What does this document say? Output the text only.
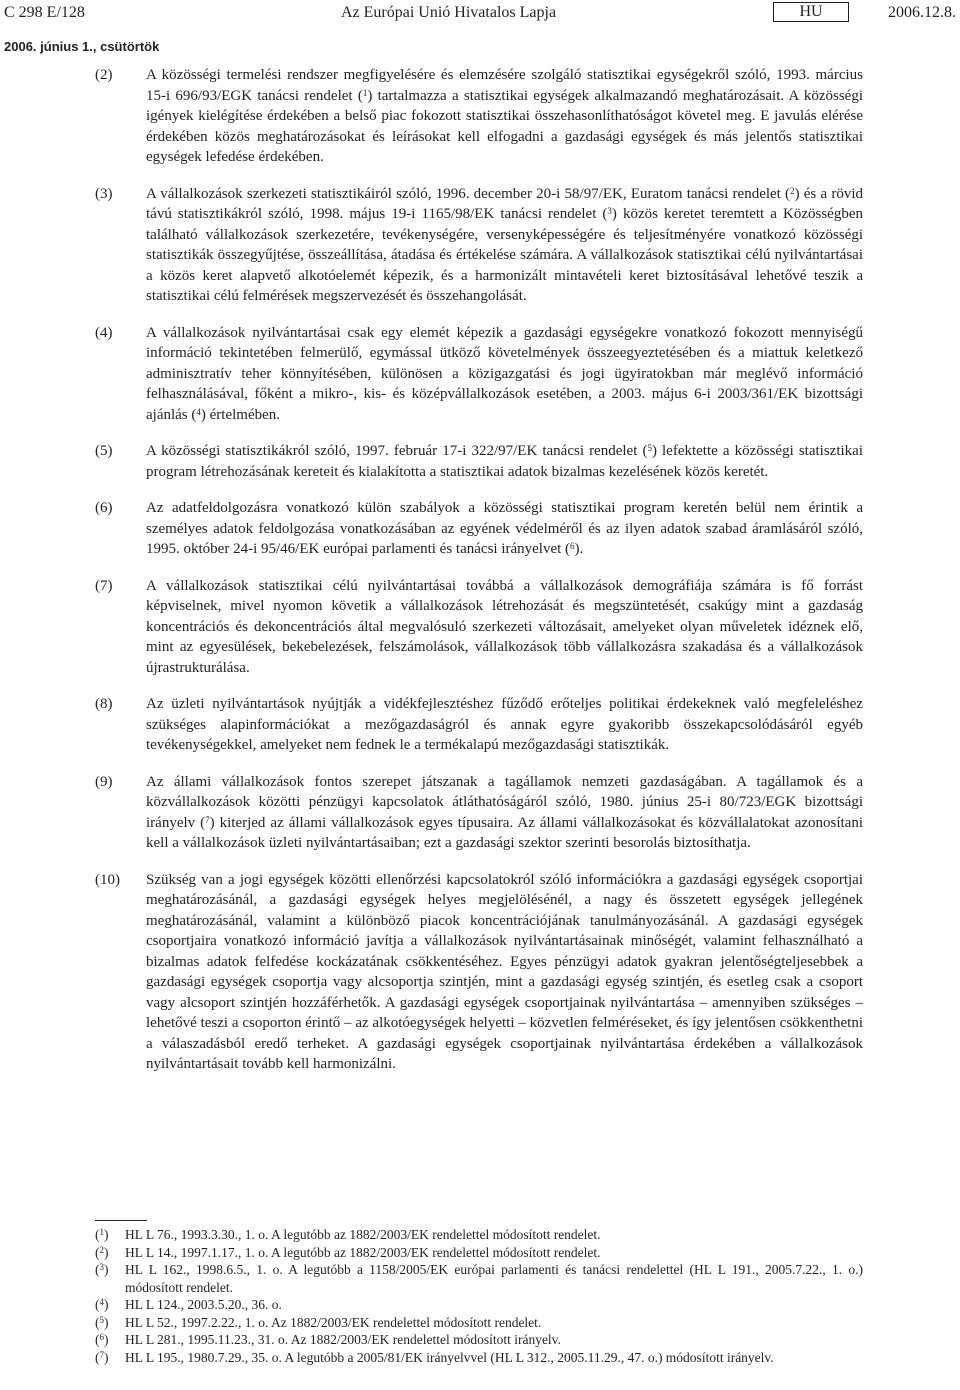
C 298 E/128	Az Európai Unió Hivatalos Lapja	HU	2006.12.8.
2006. június 1., csütörtök
(2)	A közösségi termelési rendszer megfigyelésére és elemzésére szolgáló statisztikai egységekről szóló, 1993. március 15-i 696/93/EGK tanácsi rendelet ($^1$) tartalmazza a statisztikai egységek alkalmazandó meghatározásait. A közösségi igények kielégítése érdekében a belső piac fokozott statisztikai összehasonlíthatóságot követel meg. E javulás elérése érdekében közös meghatározásokat és leírásokat kell elfogadni a gazdasági egységek és más jelentős statisztikai egységek lefedése érdekében.
(3)	A vállalkozások szerkezeti statisztikáiról szóló, 1996. december 20-i 58/97/EK, Euratom tanácsi rendelet ($^2$) és a rövid távú statisztikákról szóló, 1998. május 19-i 1165/98/EK tanácsi rendelet ($^3$) közös keretet teremtett a Közösségben található vállalkozások szerkezetére, tevékenységére, versenyképességére és teljesítményére vonatkozó közösségi statisztikák összegyűjtése, összeállítása, átadása és értékelése számára. A vállalkozások statisztikai célú nyilvántartásai a közös keret alapvető alkotóelemét képezik, és a harmonizált mintavételi keret biztosításával lehetővé teszik a statisztikai célú felmérések megszervezését és összehangolását.
(4)	A vállalkozások nyilvántartásai csak egy elemét képezik a gazdasági egységekre vonatkozó fokozott mennyiségű információ tekintetében felmerülő, egymással ütköző követelmények összeegyeztetésében és a miattuk keletkező adminisztratív teher könnyítésében, különösen a közigazgatási és jogi ügyiratokban már meglévő információ felhasználásával, főként a mikro-, kis- és középvállalkozások esetében, a 2003. május 6-i 2003/361/EK bizottsági ajánlás ($^4$) értelmében.
(5)	A közösségi statisztikákról szóló, 1997. február 17-i 322/97/EK tanácsi rendelet ($^5$) lefektette a közösségi statisztikai program létrehozásának kereteit és kialakította a statisztikai adatok bizalmas kezelésének közös keretét.
(6)	Az adatfeldolgozásra vonatkozó külön szabályok a közösségi statisztikai program keretén belül nem érintik a személyes adatok feldolgozása vonatkozásában az egyének védelméről és az ilyen adatok szabad áramlásáról szóló, 1995. október 24-i 95/46/EK európai parlamenti és tanácsi irányelvet ($^6$).
(7)	A vállalkozások statisztikai célú nyilvántartásai továbbá a vállalkozások demográfiája számára is fő forrást képviselnek, mivel nyomon követik a vállalkozások létrehozását és megszüntetését, csakúgy mint a gazdaság koncentrációs és dekoncentrációs által megvalósuló szerkezeti változásait, amelyeket olyan műveletek idéznek elő, mint az egyesülések, bekebelezések, felszámolások, vállalkozások több vállalkozásra szakadása és a vállalkozások újrastrukturálása.
(8)	Az üzleti nyilvántartások nyújtják a vidékfejlesztéshez fűződő erőteljes politikai érdekeknek való megfeleléshez szükséges alapinformációkat a mezőgazdaságról és annak egyre gyakoribb összekapcsolódásáról egyéb tevékenységekkel, amelyeket nem fednek le a termékalapú mezőgazdasági statisztikák.
(9)	Az állami vállalkozások fontos szerepet játszanak a tagállamok nemzeti gazdaságában. A tagállamok és a közvállalkozások közötti pénzügyi kapcsolatok átláthatóságáról szóló, 1980. június 25-i 80/723/EGK bizottsági irányelv ($^7$) kiterjed az állami vállalkozások egyes típusaira. Az állami vállalkozásokat és közvállalatokat azonosítani kell a vállalkozások üzleti nyilvántartásaiban; ezt a gazdasági szektor szerinti besorolás biztosíthatja.
(10)	Szükség van a jogi egységek közötti ellenőrzési kapcsolatokról szóló információkra a gazdasági egységek csoportjai meghatározásánál, a gazdasági egységek helyes megjelölésénél, a nagy és összetett egységek jellegének meghatározásánál, valamint a különböző piacok koncentrációjának tanulmányozásánál. A gazdasági egységek csoportjaira vonatkozó információ javítja a vállalkozások nyilvántartásainak minőségét, valamint felhasználható a bizalmas adatok felfedése kockázatának csökkentéséhez. Egyes pénzügyi adatok gyakran jelentőségteljesebbek a gazdasági egységek csoportja vagy alcsoportja szintjén, mint a gazdasági egység szintjén, és esetleg csak a csoport vagy alcsoport szintjén hozzáférhetők. A gazdasági egységek csoportjainak nyilvántartása – amennyiben szükséges – lehetővé teszi a csoporton érintő – az alkotóegységek helyetti – közvetlen felméréseket, és így jelentősen csökkenthetni a válaszadásból eredő terheket. A gazdasági egységek csoportjainak nyilvántartása érdekében a vállalkozások nyilvántartásait tovább kell harmonizálni.
($^1$)	HL L 76., 1993.3.30., 1. o. A legutóbb az 1882/2003/EK rendelettel módosított rendelet.
($^2$)	HL L 14., 1997.1.17., 1. o. A legutóbb az 1882/2003/EK rendelettel módosított rendelet.
($^3$)	HL L 162., 1998.6.5., 1. o. A legutóbb a 1158/2005/EK európai parlamenti és tanácsi rendelettel (HL L 191., 2005.7.22., 1. o.) módosított rendelet.
($^4$)	HL L 124., 2003.5.20., 36. o.
($^5$)	HL L 52., 1997.2.22., 1. o. Az 1882/2003/EK rendelettel módosított rendelet.
($^6$)	HL L 281., 1995.11.23., 31. o. Az 1882/2003/EK rendelettel módosított irányelv.
($^7$)	HL L 195., 1980.7.29., 35. o. A legutóbb a 2005/81/EK irányelvvel (HL L 312., 2005.11.29., 47. o.) módosított irányelv.
